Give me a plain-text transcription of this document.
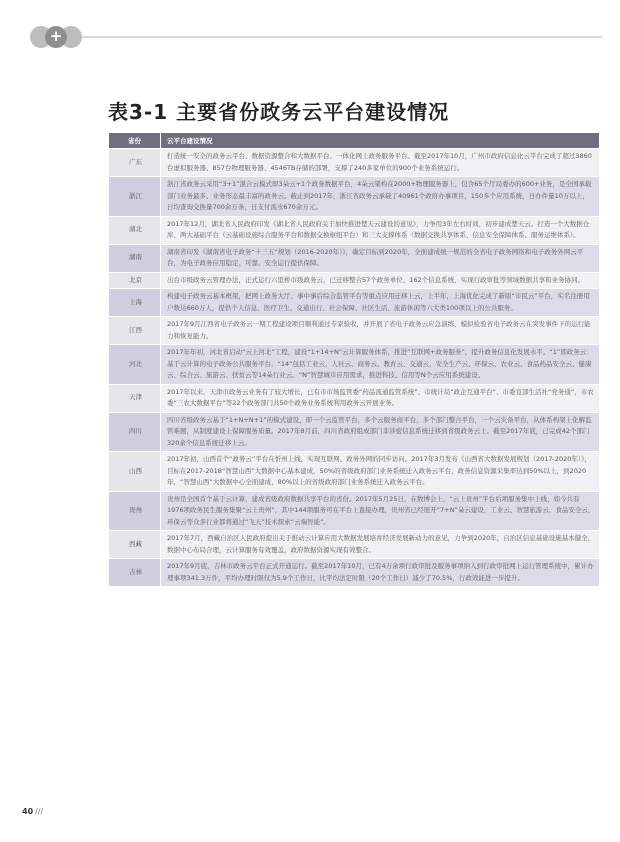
+
表3-1 主要省份政务云平台建设情况
省份	云平台建设情况
广东	打造统一安全的政务云平台、数据资源整合和大数据平台、一体化网上政务服务平台。截至2017年10月，广州市政府信息化云平台完成了超过3860台虚拟服务器、857台物理服务器、4546TB存储的部署，支撑了240多家单位的900个业务系统运行。
浙江	浙江省政务云采用“3+1”混合云模式即3朵云+1个政务数据平台，4朵云架构在2000+物理服务器上，包含65个厅局委办的600+业务，是全国承载部门业务最多、业务形态最丰富的政务云。截止到2017年，浙江省政务云承载了40961个政府办事项目，150多个应用系统，日办件量10万以上，日均查询交换量700余万条，日支付流水670余万元。
湖北	2017年12月，湖北省人民政府印发《湖北省人民政府关于加快推进楚天云建设的意见》，力争用3年左右时间，初步建成楚天云。打造一个大数据仓库、两大基础平台（云基础设施综合服务平台和数据交换枢纽平台）和三大支撑体系（数据交换共享体系、信息安全保障体系、服务运维体系）。
湖南	湖南省印发《湖南省电子政务“十三五”规划（2016-2020年）》，确定目标到2020年，全面建成统一规范的全省电子政务网络和电子政务外网云平台，为电子政务应用稳定、可靠、安全运行提供保障。
北京	出台市级政务云管理办法，正式运行六里桥市级政务云，已迁移整合57个政务单位、162个信息系统，实现行政审批等领域数据共享和业务协同。
上海	构建电子政务云基本框架，把网上政务大厅、事中事后综合监管平台等重点应用迁移上云，上半年，上海优化完成了新版“市民云”平台，实名注册用户数达660万人，提供个人信息、医疗卫生、交通出行、社会保障、社区生活、旅游休闲等六大类100项以上的公共服务。
江西	2017年9月江西省电子政务云一期工程建设项目顺利通过专家验收，并开展了省电子政务云应急演练，模拟检验省电子政务云在突发事件下的运行能力和恢复能力。
河北	2017年年初，河北省启动“云上河北”工程，建设“1+14+N”云计算服务体系，推进“互联网+政务服务”，提升政务信息化发展水平。“1”即政务云：基于云计算的电子政务公共服务平台。“14”包括工业云、人社云、商务云、教育云、交通云、安全生产云、环保云、农业云、食品药品安全云、健康云、综合云、旅游云、扶贫云等14朵行业云。“N”智慧城市应用需求，推进科技、信用等N个云应用系统建设。
天津	2017年以来，天津市政务云业务有了较大增长，已有市市场监管委“药品流通监管系统”、市统计局“政企互通平台”、市委宣部生活社“党务通”，市农委“三农大数据平台”等22个政务部门共50个政务业务系统利用政务云开展业务。
四川	四川省级政务云基于“1+N+N+1”的模式建设，即一个云监管平台，多个云服务商平台，多个部门整合平台，一个云灾备平台，从体系构架上化解监管难题，从制度建设上保障服务质量。2017年8月前，四川省政府组成部门非涉密信息系统迁移到省级政务云上。截至2017年底，已完成42个部门320余个信息系统迁移上云。
山西	2017年初，山西首个“政务云”平台在忻州上线，实现互联网、政务外网的同步访问。2017年3月发布《山西省大数据发展规划（2017-2020年）》，目标在2017-2018“智慧山西”大数据中心基本建成，50%的省级政府部门业务系统迁入政务云平台，政务信息资源采集率达到50%以上，到2020年，“智慧山西”大数据中心全面建成，80%以上的省级政府部门业务系统迁入政务云平台。
贵州	贵州是全国首个基于云计算，建成省级政府数据共享平台的省份。2017年5月25日，在数博会上，“云上贵州”平台后项服务集中上线，如今共有1976项政务民生服务集聚“云上贵州”，其中144项服务可在平台上直接办理，贵州省已经展开“7+N”朵云建设，工业云、智慧旅游云、食品安全云、环保云等众多行业都将通过“飞天”技术探索“云端智能”。
西藏	2017年7月，西藏自治区人民政府提出关于推动云计算应用大数据发展培育经济发展新动力的意见，力争到2020年，自治区信息基础设施基本健全，数据中心布局合理，云计算服务有效覆盖，政府数据资源实现有效整合。
吉林	2017年9月底，吉林市政务云平台正式开通运行。截至2017年10月，已有4万余项行政审批及服务事项纳入到行政审批网上运行管理系统中，累计办理事项341.3万件，平均办理时限仅为5.9个工作日，比平均法定时限（20个工作日）减少了70.5%，行政效能进一步提升。
40 ///
